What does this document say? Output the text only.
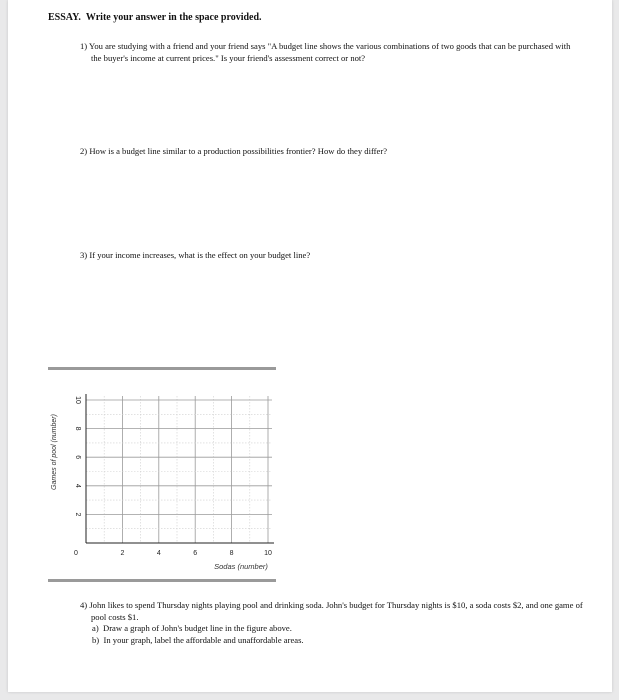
ESSAY. Write your answer in the space provided.
1) You are studying with a friend and your friend says "A budget line shows the various combinations of two goods that can be purchased with the buyer's income at current prices." Is your friend's assessment correct or not?
2) How is a budget line similar to a production possibilities frontier? How do they differ?
3) If your income increases, what is the effect on your budget line?
Games of pool (number)
Sodas (number)
0	2	4	6	8	10
2
4
6
8
10
4) John likes to spend Thursday nights playing pool and drinking soda. John's budget for Thursday nights is $10, a soda costs $2, and one game of pool costs $1.
a) Draw a graph of John's budget line in the figure above.
b) In your graph, label the affordable and unaffordable areas.
